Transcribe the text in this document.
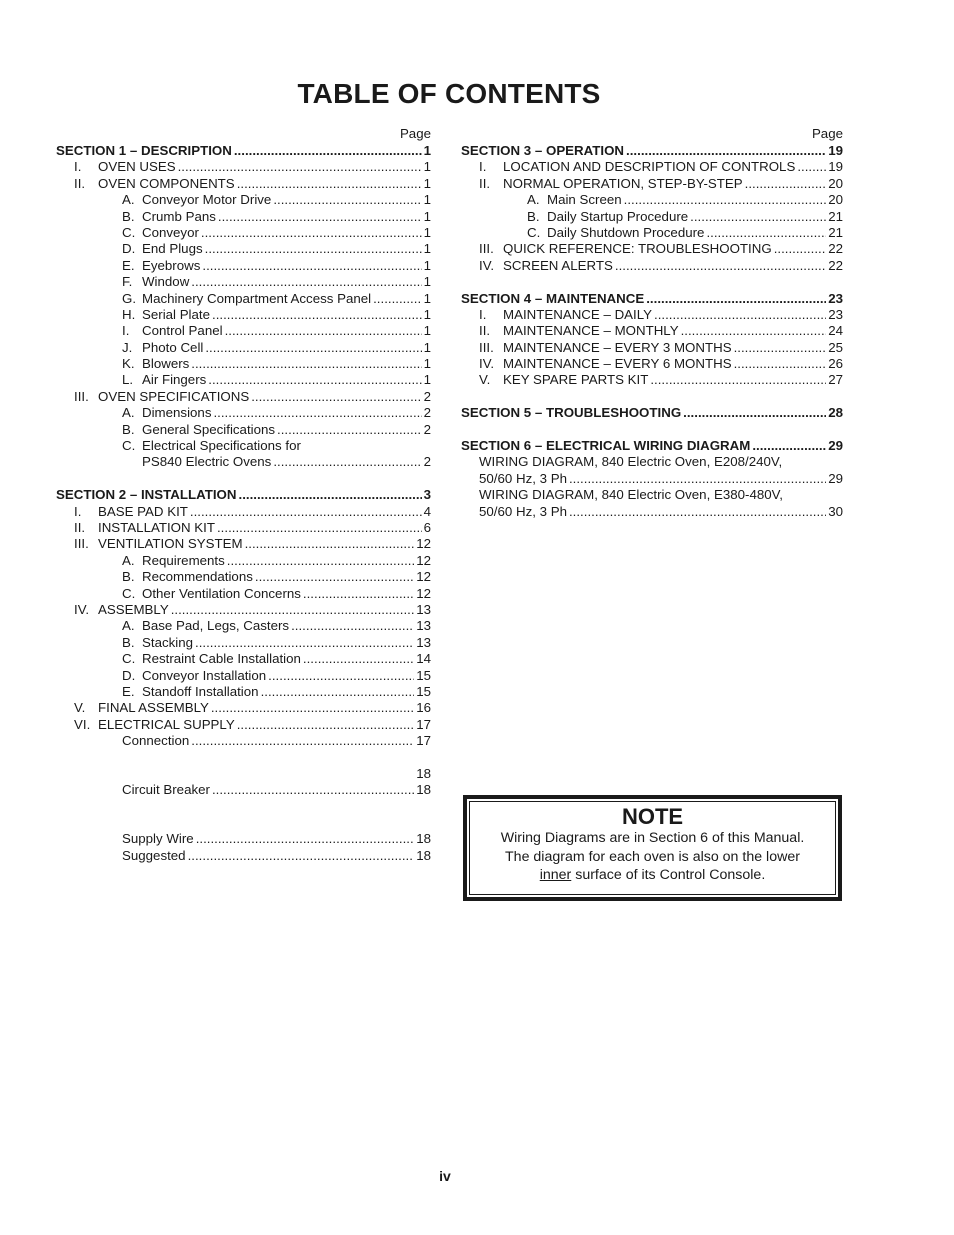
TABLE OF CONTENTS
Page
SECTION 1 – DESCRIPTION .....	1
I.	OVEN USES .....	1
II. OVEN COMPONENTS .....	1
A. Conveyor Motor Drive .....	1
B. Crumb Pans .....	1
C. Conveyor .....	1
D. End Plugs .....	1
E. Eyebrows .....	1
F. Window .....	1
G. Machinery Compartment Access Panel .....	1
H. Serial Plate .....	1
I. Control Panel .....	1
J. Photo Cell .....	1
K. Blowers .....	1
L. Air Fingers .....	1
III. OVEN SPECIFICATIONS .....	2
A. Dimensions .....	2
B. General Specifications .....	2
C. Electrical Specifications for
PS840 Electric Ovens .....	2
SECTION 2 – INSTALLATION .....	3
I.	BASE PAD KIT .....	4
II. INSTALLATION KIT .....	6
III. VENTILATION SYSTEM .....	12
A. Requirements .....	12
B. Recommendations .....	12
C. Other Ventilation Concerns .....	12
IV. ASSEMBLY .....	13
A. Base Pad, Legs, Casters .....	13
B. Stacking .....	13
C. Restraint Cable Installation .....	14
D. Conveyor Installation .....	15
E. Standoff Installation .....	15
V. FINAL ASSEMBLY .....	16
VI. ELECTRICAL SUPPLY .....	17
Connection .....	17
18
Circuit Breaker .....	18
Supply Wire .....	18
Suggested .....	18
Page
SECTION 3 – OPERATION .....	19
I.	LOCATION AND DESCRIPTION OF CONTROLS ..... 19
II. NORMAL OPERATION, STEP-BY-STEP .....	20
A. Main Screen .....	20
B. Daily Startup Procedure .....	21
C. Daily Shutdown Procedure .....	21
III. QUICK REFERENCE: TROUBLESHOOTING .....	22
IV. SCREEN ALERTS .....	22
SECTION 4 – MAINTENANCE .....	23
I.	MAINTENANCE – DAILY .....	23
II. MAINTENANCE – MONTHLY .....	24
III. MAINTENANCE – EVERY 3 MONTHS .....	25
IV. MAINTENANCE – EVERY 6 MONTHS .....	26
V. KEY SPARE PARTS KIT .....	27
SECTION 5 – TROUBLESHOOTING .....	28
SECTION 6 – ELECTRICAL WIRING DIAGRAM .....	29
WIRING DIAGRAM, 840 Electric Oven, E208/240V,
50/60 Hz, 3 Ph .....	29
WIRING DIAGRAM, 840 Electric Oven, E380-480V,
50/60 Hz, 3 Ph .....	30
NOTE
Wiring Diagrams are in Section 6 of this Manual.
The diagram for each oven is also on the lower
inner surface of its Control Console.
iv
